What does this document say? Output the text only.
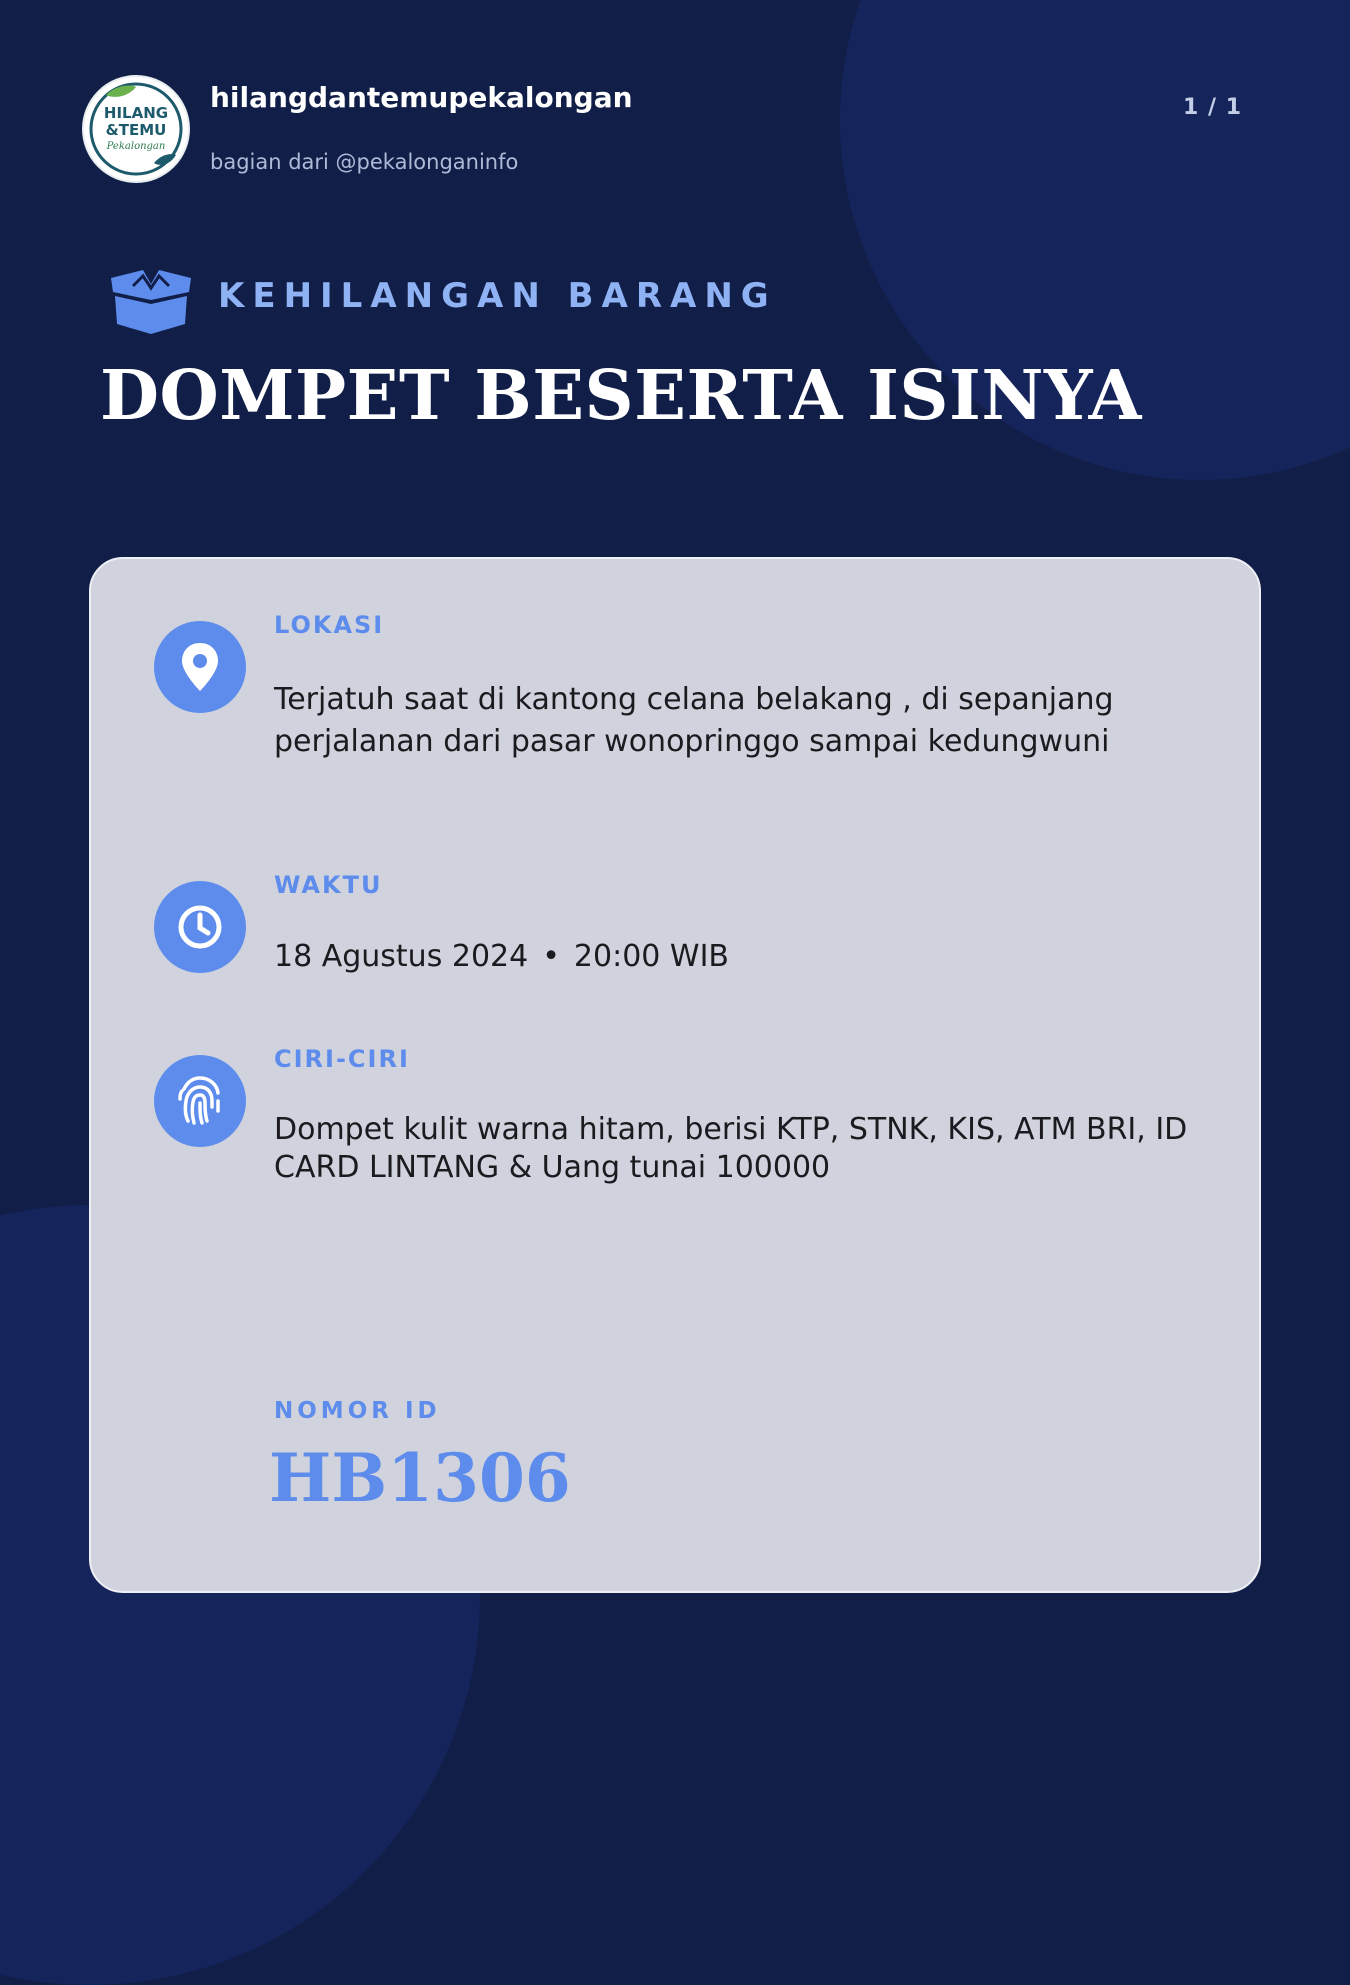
HILANG
&TEMU
Pekalongan
hilangdantemupekalongan
bagian dari @pekalonganinfo
1 / 1
KEHILANGAN BARANG
DOMPET BESERTA ISINYA
LOKASI
Terjatuh saat di kantong celana belakang , di sepanjang perjalanan dari pasar wonopringgo sampai kedungwuni
WAKTU
18 Agustus 2024 • 20:00 WIB
CIRI-CIRI
Dompet kulit warna hitam, berisi KTP, STNK, KIS, ATM BRI, ID CARD LINTANG & Uang tunai 100000
NOMOR ID
HB1306
